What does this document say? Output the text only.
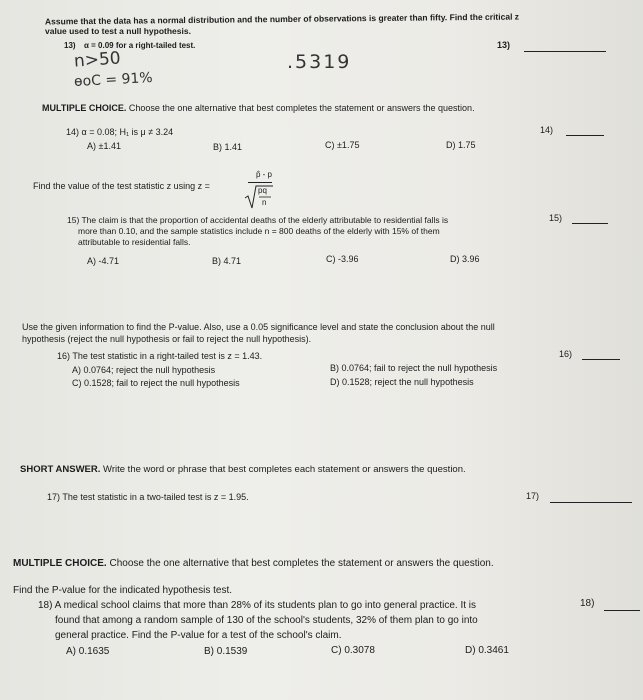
Assume that the data has a normal distribution and the number of observations is greater than fifty. Find the critical z
value used to test a null hypothesis.
13) α = 0.09 for a right-tailed test.	13)
n>50
ɵoC = 91%
.5319
MULTIPLE CHOICE. Choose the one alternative that best completes the statement or answers the question.
14) α = 0.08; H₁ is μ ≠ 3.24	14)
A) ±1.41	B) 1.41	C) ±1.75	D) 1.75
Find the value of the test statistic z using z =
p̂ - p
pq
n
15) The claim is that the proportion of accidental deaths of the elderly attributable to residential falls is
more than 0.10, and the sample statistics include n = 800 deaths of the elderly with 15% of them
attributable to residential falls.
15)
A) -4.71	B) 4.71	C) -3.96	D) 3.96
Use the given information to find the P-value. Also, use a 0.05 significance level and state the conclusion about the null
hypothesis (reject the null hypothesis or fail to reject the null hypothesis).
16) The test statistic in a right-tailed test is z = 1.43.	16)
A) 0.0764; reject the null hypothesis	B) 0.0764; fail to reject the null hypothesis
C) 0.1528; fail to reject the null hypothesis	D) 0.1528; reject the null hypothesis
SHORT ANSWER. Write the word or phrase that best completes each statement or answers the question.
17) The test statistic in a two-tailed test is z = 1.95.	17)
MULTIPLE CHOICE. Choose the one alternative that best completes the statement or answers the question.
Find the P-value for the indicated hypothesis test.
18) A medical school claims that more than 28% of its students plan to go into general practice. It is
found that among a random sample of 130 of the school's students, 32% of them plan to go into
general practice. Find the P-value for a test of the school's claim.
18)
A) 0.1635	B) 0.1539	C) 0.3078	D) 0.3461
